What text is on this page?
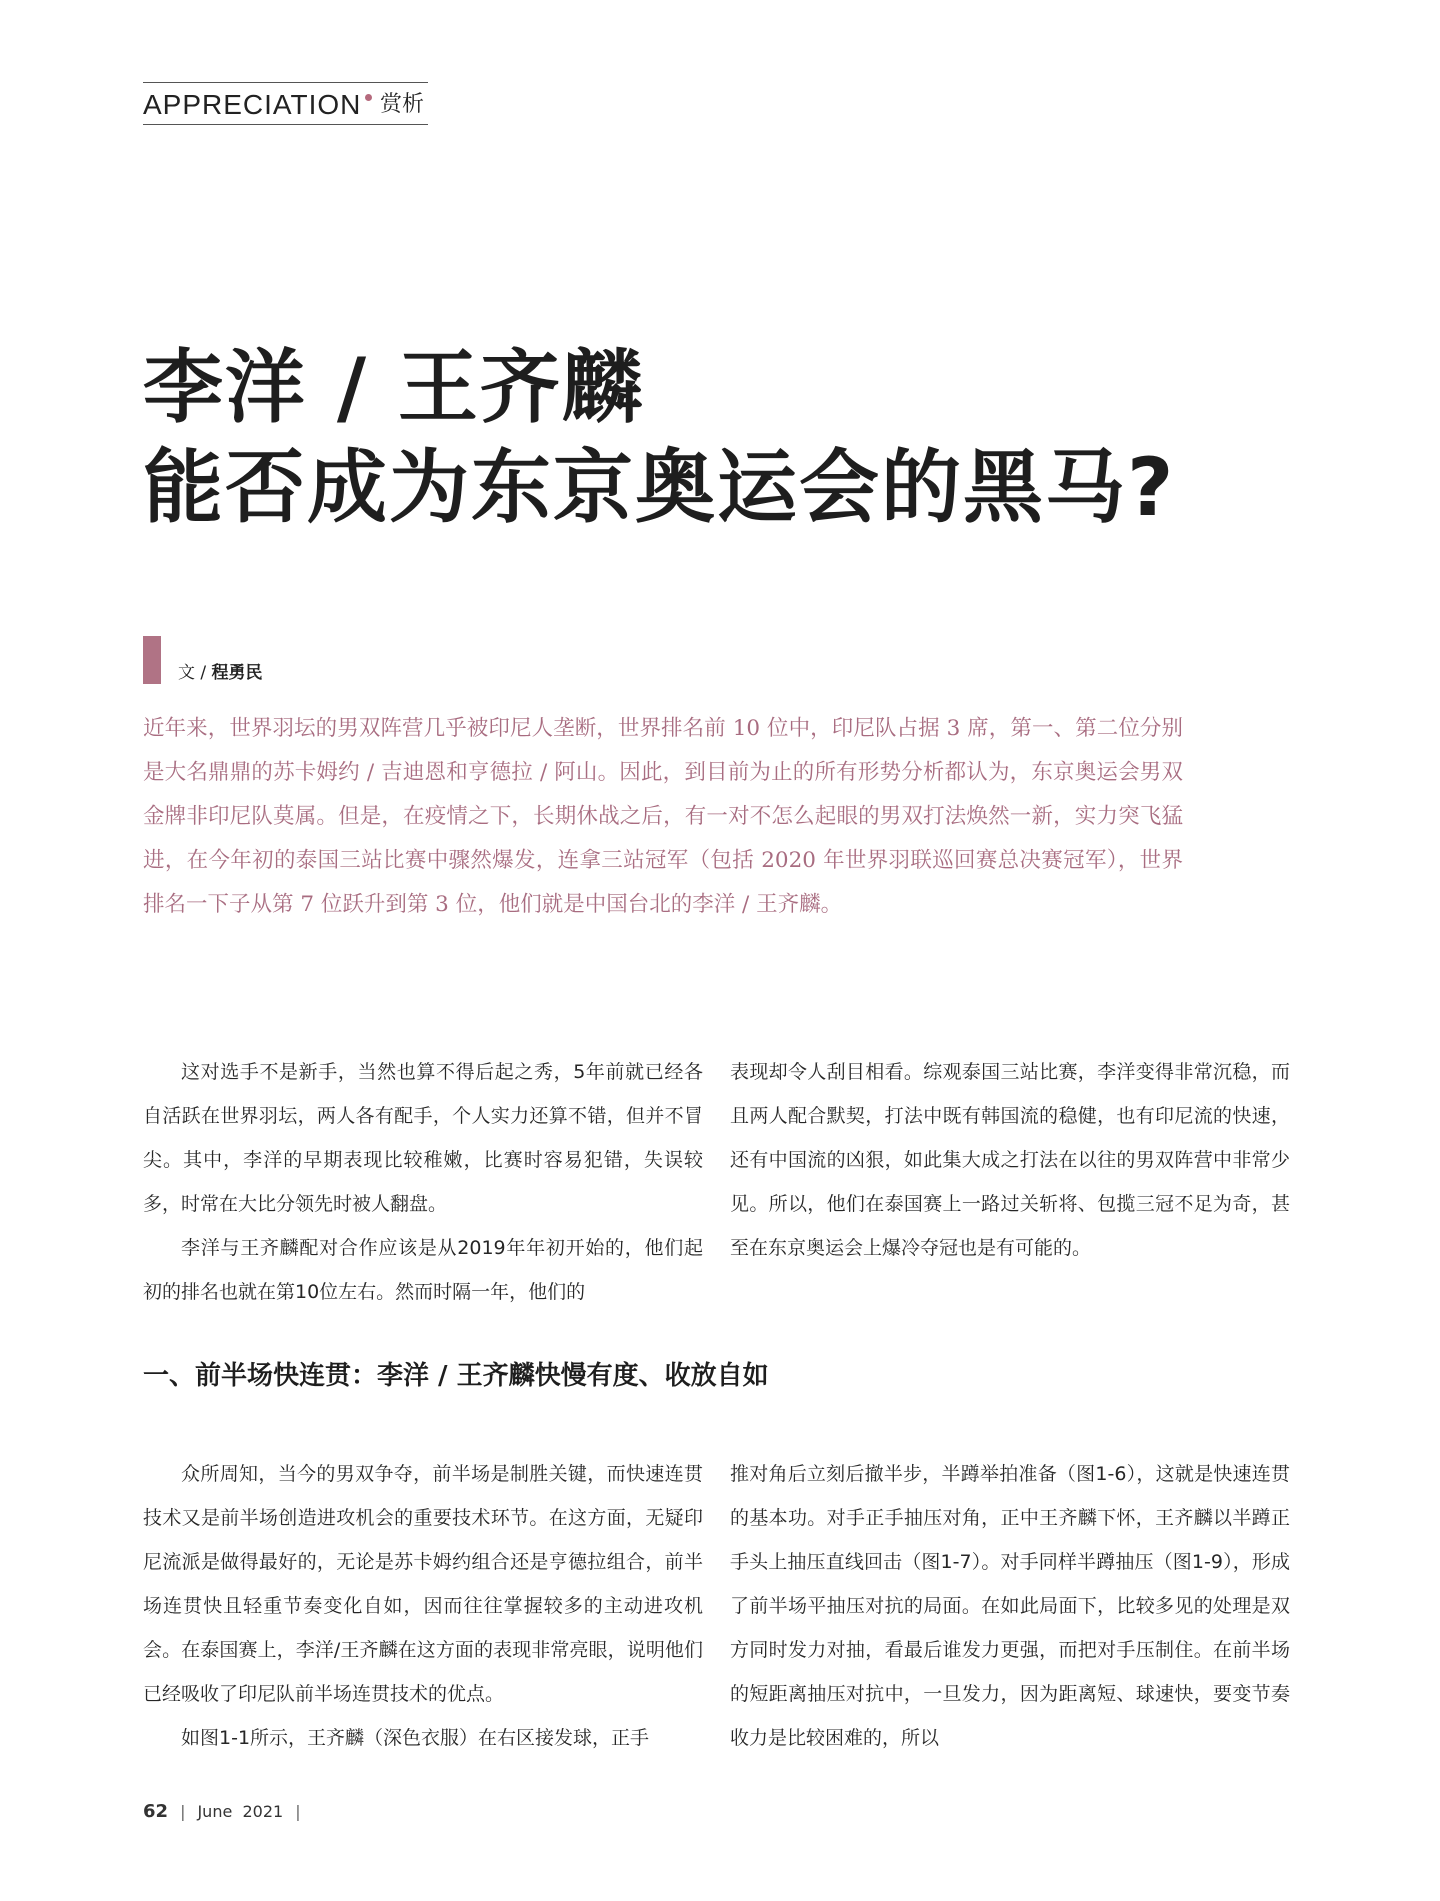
APPRECIATION 赏析
李洋 / 王齐麟
能否成为东京奥运会的黑马?
文 / 程勇民
近年来，世界羽坛的男双阵营几乎被印尼人垄断，世界排名前 10 位中，印尼队占据 3 席，第一、第二位分别是大名鼎鼎的苏卡姆约 / 吉迪恩和亨德拉 / 阿山。因此，到目前为止的所有形势分析都认为，东京奥运会男双金牌非印尼队莫属。但是，在疫情之下，长期休战之后，有一对不怎么起眼的男双打法焕然一新，实力突飞猛进，在今年初的泰国三站比赛中骤然爆发，连拿三站冠军（包括 2020 年世界羽联巡回赛总决赛冠军），世界排名一下子从第 7 位跃升到第 3 位，他们就是中国台北的李洋 / 王齐麟。

这对选手不是新手，当然也算不得后起之秀，5年前就已经各自活跃在世界羽坛，两人各有配手，个人实力还算不错，但并不冒尖。其中，李洋的早期表现比较稚嫩，比赛时容易犯错，失误较多，时常在大比分领先时被人翻盘。

李洋与王齐麟配对合作应该是从2019年年初开始的，他们起初的排名也就在第10位左右。然而时隔一年，他们的

表现却令人刮目相看。综观泰国三站比赛，李洋变得非常沉稳，而且两人配合默契，打法中既有韩国流的稳健，也有印尼流的快速，还有中国流的凶狠，如此集大成之打法在以往的男双阵营中非常少见。所以，他们在泰国赛上一路过关斩将、包揽三冠不足为奇，甚至在东京奥运会上爆冷夺冠也是有可能的。

一、前半场快连贯：李洋 / 王齐麟快慢有度、收放自如

众所周知，当今的男双争夺，前半场是制胜关键，而快速连贯技术又是前半场创造进攻机会的重要技术环节。在这方面，无疑印尼流派是做得最好的，无论是苏卡姆约组合还是亨德拉组合，前半场连贯快且轻重节奏变化自如，因而往往掌握较多的主动进攻机会。在泰国赛上，李洋/王齐麟在这方面的表现非常亮眼，说明他们已经吸收了印尼队前半场连贯技术的优点。

如图1-1所示，王齐麟（深色衣服）在右区接发球，正手

推对角后立刻后撤半步，半蹲举拍准备（图1-6），这就是快速连贯的基本功。对手正手抽压对角，正中王齐麟下怀，王齐麟以半蹲正手头上抽压直线回击（图1-7）。对手同样半蹲抽压（图1-9），形成了前半场平抽压对抗的局面。在如此局面下，比较多见的处理是双方同时发力对抽，看最后谁发力更强，而把对手压制住。在前半场的短距离抽压对抗中，一旦发力，因为距离短、球速快，要变节奏收力是比较困难的，所以

62 | June 2021 |
